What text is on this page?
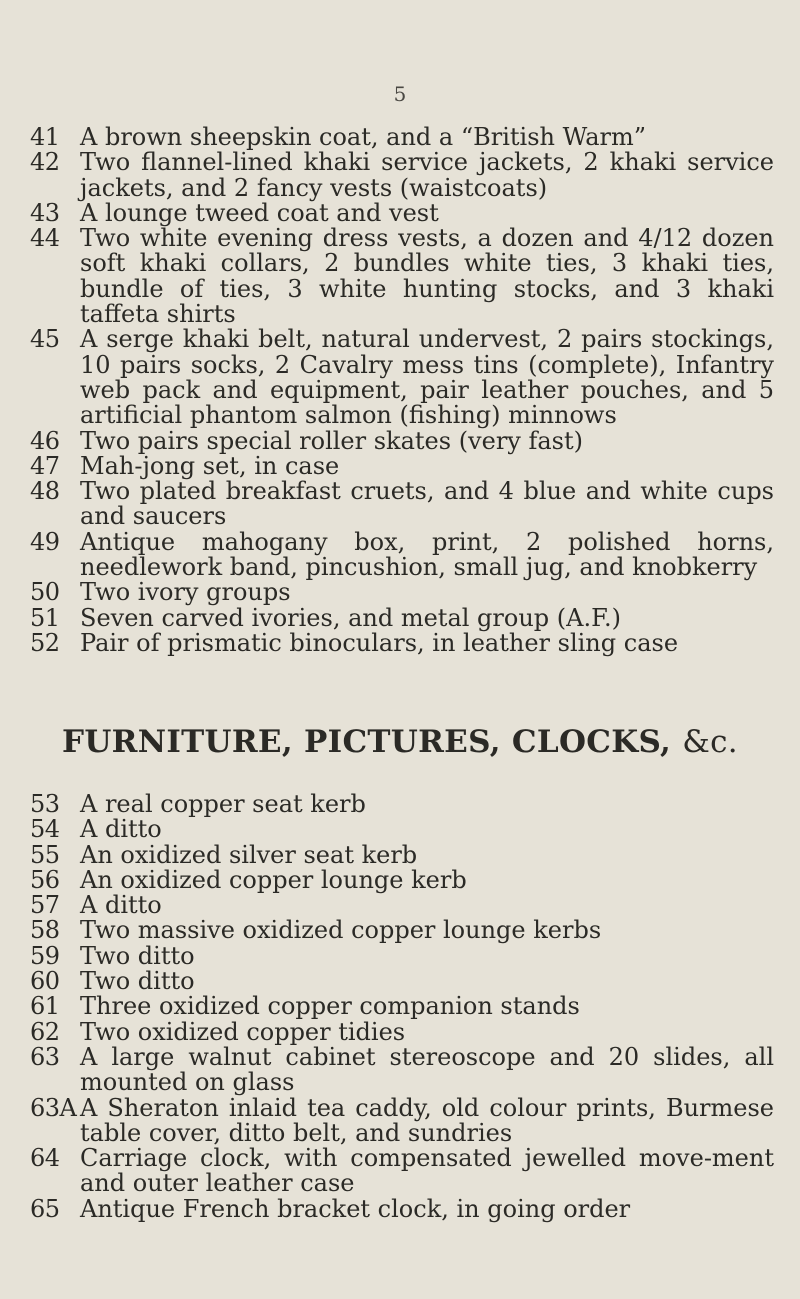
5
41 A brown sheepskin coat, and a “British Warm”
42 Two flannel-lined khaki service jackets, 2 khaki service jackets, and 2 fancy vests (waistcoats)
43 A lounge tweed coat and vest
44 Two white evening dress vests, a dozen and 4/12 dozen soft khaki collars, 2 bundles white ties, 3 khaki ties, bundle of ties, 3 white hunting stocks, and 3 khaki taffeta shirts
45 A serge khaki belt, natural undervest, 2 pairs stockings, 10 pairs socks, 2 Cavalry mess tins (complete), Infantry web pack and equipment, pair leather pouches, and 5 artificial phantom salmon (fishing) minnows
46 Two pairs special roller skates (very fast)
47 Mah-jong set, in case
48 Two plated breakfast cruets, and 4 blue and white cups and saucers
49 Antique mahogany box, print, 2 polished horns, needlework band, pincushion, small jug, and knobkerry
50 Two ivory groups
51 Seven carved ivories, and metal group (A.F.)
52 Pair of prismatic binoculars, in leather sling case
FURNITURE, PICTURES, CLOCKS, &c.
53 A real copper seat kerb
54 A ditto
55 An oxidized silver seat kerb
56 An oxidized copper lounge kerb
57 A ditto
58 Two massive oxidized copper lounge kerbs
59 Two ditto
60 Two ditto
61 Three oxidized copper companion stands
62 Two oxidized copper tidies
63 A large walnut cabinet stereoscope and 20 slides, all mounted on glass
63A A Sheraton inlaid tea caddy, old colour prints, Burmese table cover, ditto belt, and sundries
64 Carriage clock, with compensated jewelled move-ment and outer leather case
65 Antique French bracket clock, in going order
